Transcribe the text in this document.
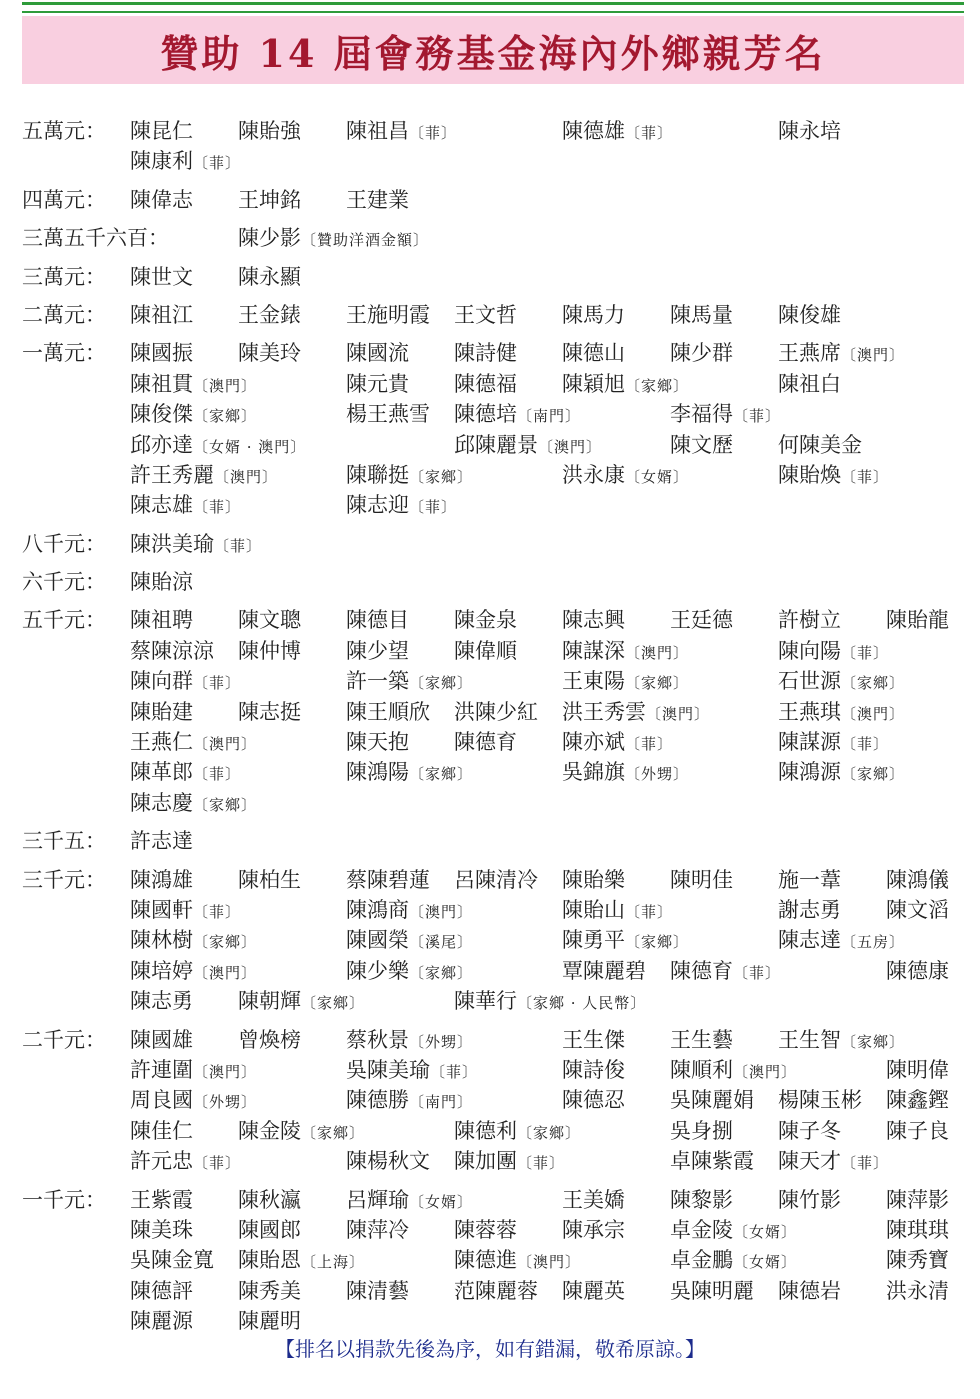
贊助 14 屆會務基金海內外鄉親芳名
五萬元： 陳昆仁 陳貽強 陳祖昌〔菲〕	陳德雄〔菲〕	陳永培
陳康利〔菲〕
四萬元： 陳偉志 王坤銘 王建業
三萬五千六百：	陳少影〔贊助洋酒金額〕
三萬元： 陳世文 陳永顯
二萬元： 陳祖江 王金錶 王施明霞 王文哲 陳馬力 陳馬量 陳俊雄
一萬元： 陳國振 陳美玲 陳國流 陳詩健 陳德山 陳少群 王燕席〔澳門〕
陳祖貫〔澳門〕	陳元貴 陳德福 陳穎旭〔家鄉〕	陳祖白
陳俊傑〔家鄉〕	楊王燕雪 陳德培〔南門〕	李福得〔菲〕
邱亦達〔女婿 · 澳門〕	邱陳麗景〔澳門〕	陳文歷 何陳美金
許王秀麗〔澳門〕	陳聯挺〔家鄉〕	洪永康〔女婿〕	陳貽煥〔菲〕
陳志雄〔菲〕	陳志迎〔菲〕
八千元： 陳洪美瑜〔菲〕
六千元： 陳貽涼
五千元： 陳祖聘 陳文聰 陳德目 陳金泉 陳志興 王廷德 許樹立 陳貽龍
蔡陳涼涼 陳仲博 陳少望 陳偉順 陳謀深〔澳門〕	陳向陽〔菲〕
陳向群〔菲〕	許一築〔家鄉〕	王東陽〔家鄉〕	石世源〔家鄉〕
陳貽建 陳志挺 陳王順欣 洪陳少紅 洪王秀雲〔澳門〕	王燕琪〔澳門〕
王燕仁〔澳門〕	陳天抱 陳德育 陳亦斌〔菲〕	陳謀源〔菲〕
陳革郎〔菲〕	陳鴻陽〔家鄉〕	吳錦旗〔外甥〕	陳鴻源〔家鄉〕
陳志慶〔家鄉〕
三千五： 許志達
三千元： 陳鴻雄 陳柏生 蔡陳碧蓮 呂陳清冷 陳貽樂 陳明佳 施一葦 陳鴻儀
陳國軒〔菲〕	陳鴻商〔澳門〕	陳貽山〔菲〕	謝志勇 陳文滔
陳林樹〔家鄉〕	陳國榮〔溪尾〕	陳勇平〔家鄉〕	陳志達〔五房〕
陳培婷〔澳門〕	陳少樂〔家鄉〕	覃陳麗碧 陳德育〔菲〕	陳德康
陳志勇 陳朝輝〔家鄉〕	陳華行〔家鄉 · 人民幣〕
二千元： 陳國雄 曾煥榜 蔡秋景〔外甥〕	王生傑 王生藝 王生智〔家鄉〕
許連圍〔澳門〕	吳陳美瑜〔菲〕	陳詩俊 陳順利〔澳門〕	陳明偉
周良國〔外甥〕	陳德勝〔南門〕	陳德忍 吳陳麗娟 楊陳玉彬 陳鑫鏗
陳佳仁 陳金陵〔家鄉〕	陳德利〔家鄉〕	吳身捌 陳子冬 陳子良
許元忠〔菲〕	陳楊秋文 陳加團〔菲〕	卓陳紫霞 陳天才〔菲〕
一千元： 王紫霞 陳秋瀛 呂輝瑜〔女婿〕	王美嬌 陳黎影 陳竹影 陳萍影
陳美珠 陳國郎 陳萍冷 陳蓉蓉 陳承宗 卓金陵〔女婿〕	陳琪琪
吳陳金寬 陳貽恩〔上海〕	陳德進〔澳門〕	卓金鵬〔女婿〕	陳秀寶
陳德評 陳秀美 陳清藝 范陳麗蓉 陳麗英 吳陳明麗 陳德岩 洪永清
陳麗源 陳麗明
【排名以捐款先後為序，如有錯漏，敬希原諒。】
